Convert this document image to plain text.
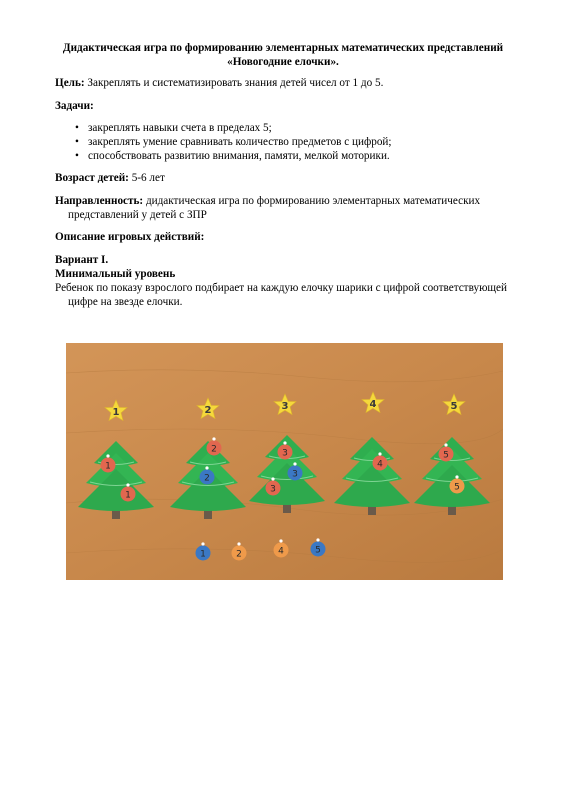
Дидактическая игра по формированию элементарных математических представлений
«Новогодние елочки».
Цель: Закреплять и систематизировать знания детей чисел от 1 до 5.
Задачи:
• закреплять навыки счета в пределах 5;
• закреплять умение сравнивать количество предметов с цифрой;
• способствовать развитию внимания, памяти, мелкой моторики.
Возраст детей: 5-6 лет
Направленность: дидактическая игра по формированию элементарных математических представлений у детей с ЗПР
Описание игровых действий:
Вариант I.
Минимальный уровень
Ребенок по показу взрослого подбирает на каждую елочку шарики с цифрой соответствующей цифре на звезде елочки.
1	2	3	4	5
1
1
2
2
3
3
3
4
5
5
1	2	4	5
